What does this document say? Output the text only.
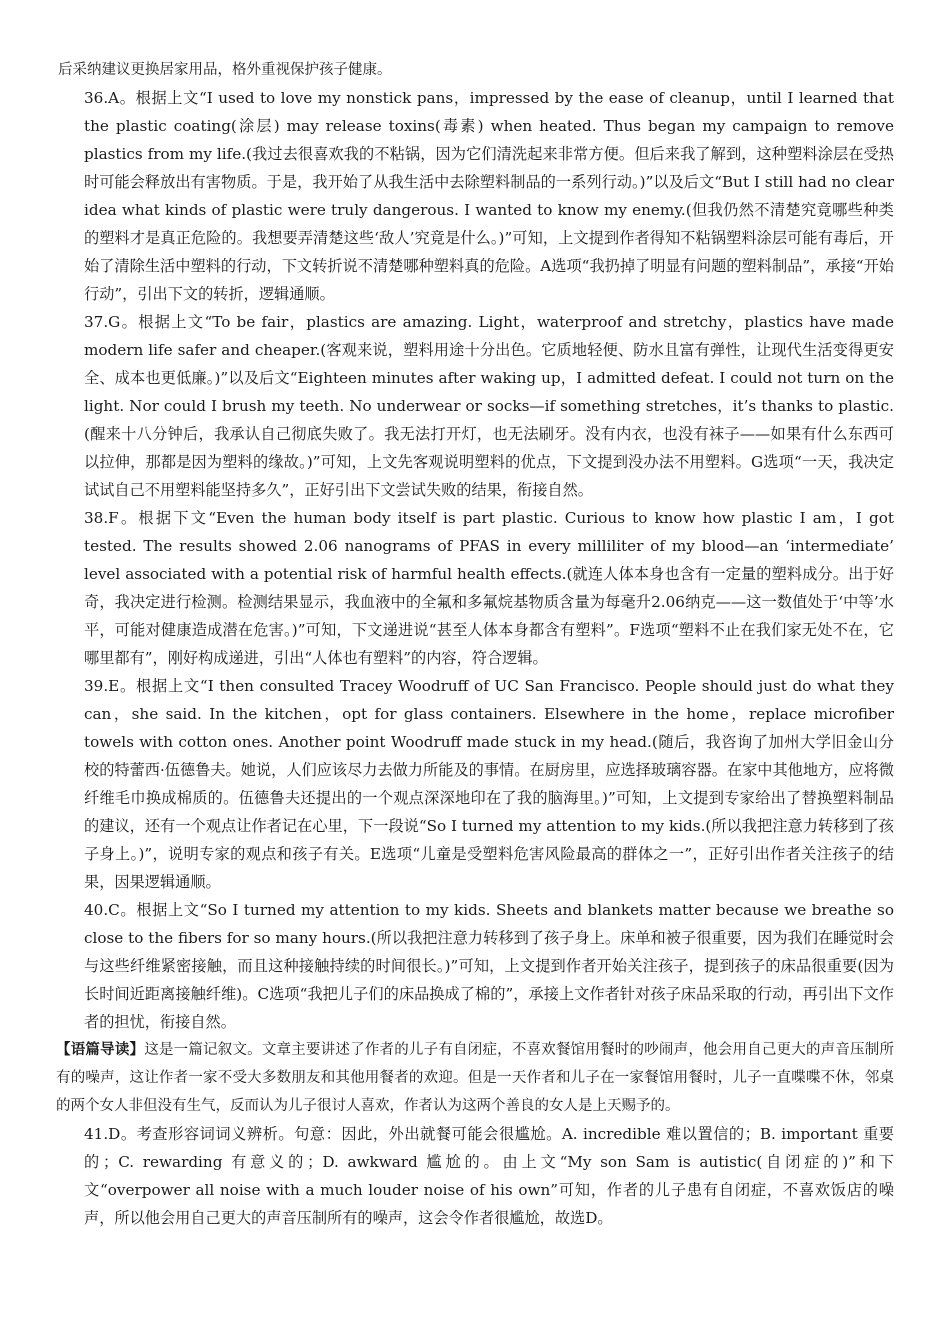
后采纳建议更换居家用品，格外重视保护孩子健康。

36.A。根据上文“I used to love my nonstick pans，impressed by the ease of cleanup，until I learned that the plastic coating(涂层) may release toxins(毒素) when heated. Thus began my campaign to remove plastics from my life.(我过去很喜欢我的不粘锅，因为它们清洗起来非常方便。但后来我了解到，这种塑料涂层在受热时可能会释放出有害物质。于是，我开始了从我生活中去除塑料制品的一系列行动。)”以及后文“But I still had no clear idea what kinds of plastic were truly dangerous. I wanted to know my enemy.(但我仍然不清楚究竟哪些种类的塑料才是真正危险的。我想要弄清楚这些‘敌人’究竟是什么。)”可知，上文提到作者得知不粘锅塑料涂层可能有毒后，开始了清除生活中塑料的行动，下文转折说不清楚哪种塑料真的危险。A选项“我扔掉了明显有问题的塑料制品”，承接“开始行动”，引出下文的转折，逻辑通顺。

37.G。根据上文“To be fair，plastics are amazing. Light，waterproof and stretchy，plastics have made modern life safer and cheaper.(客观来说，塑料用途十分出色。它质地轻便、防水且富有弹性，让现代生活变得更安全、成本也更低廉。)”以及后文“Eighteen minutes after waking up，I admitted defeat. I could not turn on the light. Nor could I brush my teeth. No underwear or socks—if something stretches，it’s thanks to plastic.(醒来十八分钟后，我承认自己彻底失败了。我无法打开灯，也无法刷牙。没有内衣，也没有袜子——如果有什么东西可以拉伸，那都是因为塑料的缘故。)”可知，上文先客观说明塑料的优点，下文提到没办法不用塑料。G选项“一天，我决定试试自己不用塑料能坚持多久”，正好引出下文尝试失败的结果，衔接自然。

38.F。根据下文“Even the human body itself is part plastic. Curious to know how plastic I am，I got tested. The results showed 2.06 nanograms of PFAS in every milliliter of my blood—an ‘intermediate’ level associated with a potential risk of harmful health effects.(就连人体本身也含有一定量的塑料成分。出于好奇，我决定进行检测。检测结果显示，我血液中的全氟和多氟烷基物质含量为每毫升2.06纳克——这一数值处于‘中等’水平，可能对健康造成潜在危害。)”可知，下文递进说“甚至人体本身都含有塑料”。F选项“塑料不止在我们家无处不在，它哪里都有”，刚好构成递进，引出“人体也有塑料”的内容，符合逻辑。

39.E。根据上文“I then consulted Tracey Woodruff of UC San Francisco. People should just do what they can，she said. In the kitchen，opt for glass containers. Elsewhere in the home，replace microfiber towels with cotton ones. Another point Woodruff made stuck in my head.(随后，我咨询了加州大学旧金山分校的特蕾西·伍德鲁夫。她说，人们应该尽力去做力所能及的事情。在厨房里，应选择玻璃容器。在家中其他地方，应将微纤维毛巾换成棉质的。伍德鲁夫还提出的一个观点深深地印在了我的脑海里。)”可知，上文提到专家给出了替换塑料制品的建议，还有一个观点让作者记在心里，下一段说“So I turned my attention to my kids.(所以我把注意力转移到了孩子身上。)”，说明专家的观点和孩子有关。E选项“儿童是受塑料危害风险最高的群体之一”，正好引出作者关注孩子的结果，因果逻辑通顺。

40.C。根据上文“So I turned my attention to my kids. Sheets and blankets matter because we breathe so close to the fibers for so many hours.(所以我把注意力转移到了孩子身上。床单和被子很重要，因为我们在睡觉时会与这些纤维紧密接触，而且这种接触持续的时间很长。)”可知，上文提到作者开始关注孩子，提到孩子的床品很重要(因为长时间近距离接触纤维)。C选项“我把儿子们的床品换成了棉的”，承接上文作者针对孩子床品采取的行动，再引出下文作者的担忧，衔接自然。

【语篇导读】这是一篇记叙文。文章主要讲述了作者的儿子有自闭症，不喜欢餐馆用餐时的吵闹声，他会用自己更大的声音压制所有的噪声，这让作者一家不受大多数朋友和其他用餐者的欢迎。但是一天作者和儿子在一家餐馆用餐时，儿子一直喋喋不休，邻桌的两个女人非但没有生气，反而认为儿子很讨人喜欢，作者认为这两个善良的女人是上天赐予的。

41.D。考查形容词词义辨析。句意：因此，外出就餐可能会很尴尬。A. incredible 难以置信的；B. important 重要的；C. rewarding 有意义的；D. awkward 尴尬的。由上文“My son Sam is autistic(自闭症的)”和下文“overpower all noise with a much louder noise of his own”可知，作者的儿子患有自闭症，不喜欢饭店的噪声，所以他会用自己更大的声音压制所有的噪声，这会令作者很尴尬，故选D。
